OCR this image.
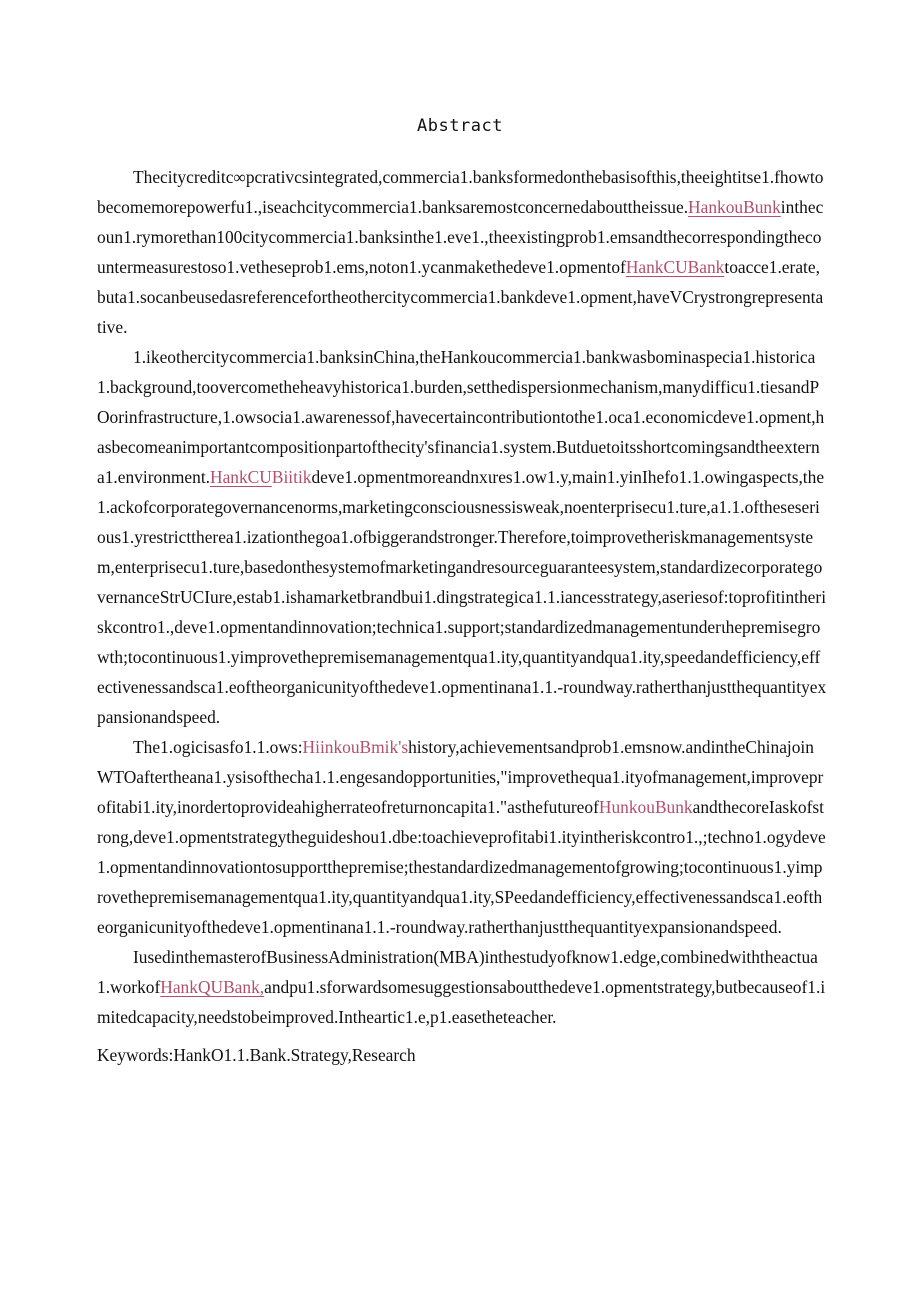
Abstract

Thecitycreditc∞pcrativcsintegrated,commercia1.banksformedonthebasisofthis,theeightitse1.fhowtobecomemorepowerfu1.,iseachcitycommercia1.banksaremostconcernedabouttheissue.HankouBunkinthecoun1.rymorethan100citycommercia1.banksinthe1.eve1.,theexistingprob1.emsandthecorrespondingthecountermeasurestoso1.vetheseprob1.ems,noton1.ycanmakethedeve1.opmentofHankCUBanktoacce1.erate,buta1.socanbeusedasreferencefortheothercitycommercia1.bankdeve1.opment,haveVCrystrongrepresentative.

1.ikeothercitycommercia1.banksinChina,theHankoucommercia1.bankwasbominaspecia1.historica1.background,toovercometheheavyhistorica1.burden,setthedispersionmechanism,manydifficu1.tiesandPOorinfrastructure,1.owsocia1.awarenessof,havecertaincontributiontothe1.oca1.economicdeve1.opment,hasbecomeanimportantcompositionpartofthecity'sfinancia1.system.Butduetoitsshortcomingsandtheexterna1.environment.HankCUBiitikdeve1.opmentmoreandnxιres1.ow1.y,main1.yinIhefo1.1.owingaspects,the1.ackofcorporategovernancenorms,marketingconsciousnessisweak,noenterprisecu1.ture,a1.1.oftheseserious1.yrestricttherea1.izationthegoa1.ofbiggerandstronger.Therefore,toimprovetheriskmanagementsystem,enterprisecu1.ture,basedonthesystemofmarketingandresourceguaranteesystem,standardizecorporategovernanceStrUCIure,estab1.ishamarketbrandbui1.dingstrategica1.1.iancesstrategy,aseriesof:toprofitintheriskcontro1.,deve1.opmentandinnovation;technica1.support;standardizedmanagementunderιhepremisegrowth;tocontinuous1.yimprovethepremisemanagementqua1.ity,quantityandqua1.ity,speedandefficiency,effectivenessandsca1.eoftheorganicunityofthedeve1.opmentinana1.1.-roundway.ratherthanjustthequantityexpansionandspeed.

The1.ogicisasfo1.1.ows:HiinkouBmik'shistory,achievementsandprob1.emsnow.andintheChinajoinWTOaftertheana1.ysisofthecha1.1.engesandopportunities,"improvethequa1.ityofmanagement,improveprofitabi1.ity,inordertoprovideahigherrateofreturnoncapita1."asthefutureofHunkouBunkandthecoreIaskofstrong,deve1.opmentstrategytheguideshou1.dbe:toachieveprofitabi1.ityintheriskcontro1.,;techno1.ogydeve1.opmentandinnovationtosupportthepremise;thestandardizedmanagementofgrowing;tocontinuous1.yimprovethepremisemanagementqua1.ity,quantityandqua1.ity,SPeedandefficiency,effectivenessandsca1.eoftheorganicunityofthedeve1.opmentinana1.1.-roundway.ratherthanjustthequantityexpansionandspeed.

IusedinthemasterofBusinessAdministration(MBA)inthestudyofknow1.edge,combinedwiththeactua1.workofHankQUBank,andpu1.sforwardsomesuggestionsaboutthedeve1.opmentstrategy,butbecauseof1.imitedcapacity,needstobeimproved.Intheartic1.e,p1.easetheteacher.

Keywords:HankO1.1.Bank.Strategy,Research
